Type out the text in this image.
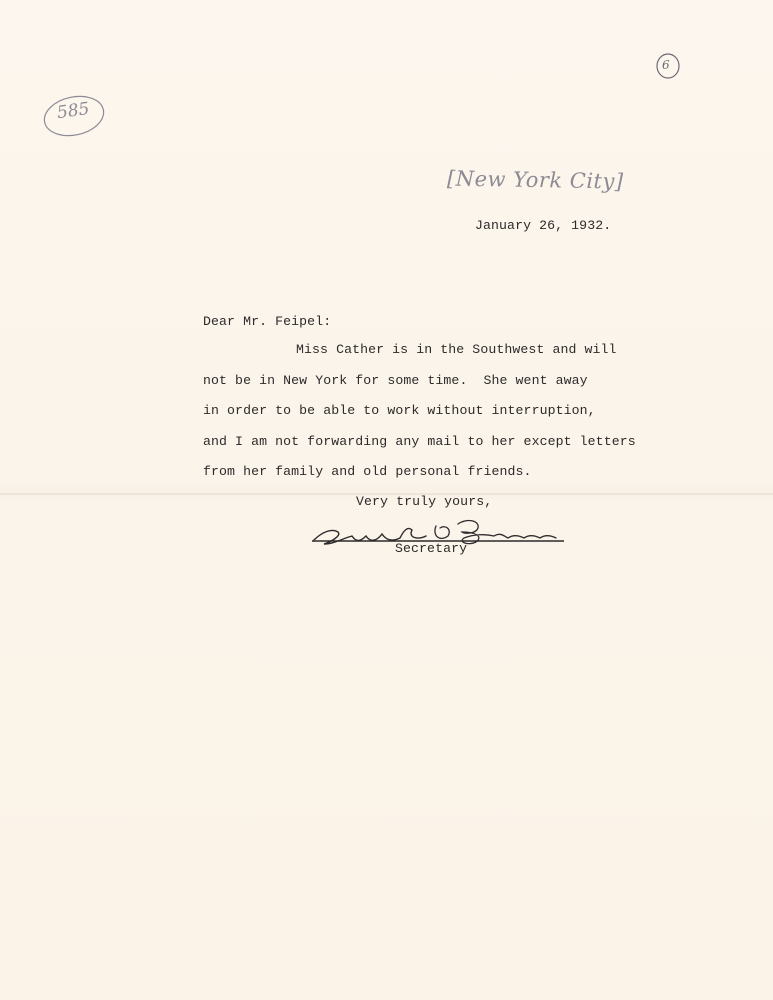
585
6
[New York City]
January 26, 1932.
Dear Mr. Feipel:
Miss Cather is in the Southwest and will
not be in New York for some time.  She went away
in order to be able to work without interruption,
and I am not forwarding any mail to her except letters
from her family and old personal friends.
Very truly yours,
Secretary
